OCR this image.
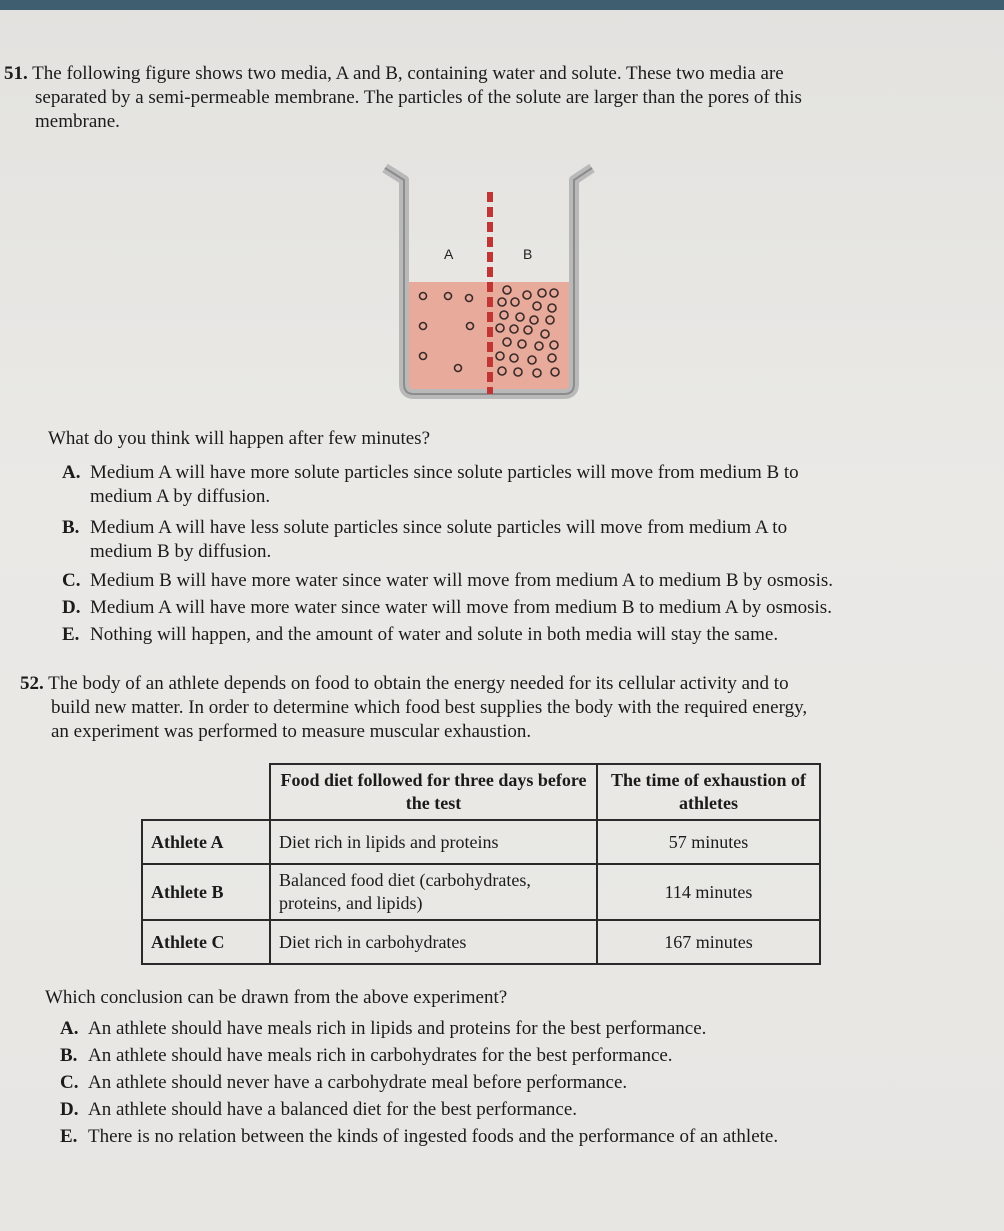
51. The following figure shows two media, A and B, containing water and solute. These two media are
separated by a semi-permeable membrane. The particles of the solute are larger than the pores of this
membrane.
A	B
What do you think will happen after few minutes?
A. Medium A will have more solute particles since solute particles will move from medium B to
medium A by diffusion.
B. Medium A will have less solute particles since solute particles will move from medium A to
medium B by diffusion.
C. Medium B will have more water since water will move from medium A to medium B by osmosis.
D. Medium A will have more water since water will move from medium B to medium A by osmosis.
E. Nothing will happen, and the amount of water and solute in both media will stay the same.
52. The body of an athlete depends on food to obtain the energy needed for its cellular activity and to
build new matter. In order to determine which food best supplies the body with the required energy,
an experiment was performed to measure muscular exhaustion.
	Food diet followed for three days before the test	The time of exhaustion of athletes
Athlete A	Diet rich in lipids and proteins	57 minutes
Athlete B	Balanced food diet (carbohydrates, proteins, and lipids)	114 minutes
Athlete C	Diet rich in carbohydrates	167 minutes
Which conclusion can be drawn from the above experiment?
A. An athlete should have meals rich in lipids and proteins for the best performance.
B. An athlete should have meals rich in carbohydrates for the best performance.
C. An athlete should never have a carbohydrate meal before performance.
D. An athlete should have a balanced diet for the best performance.
E. There is no relation between the kinds of ingested foods and the performance of an athlete.
